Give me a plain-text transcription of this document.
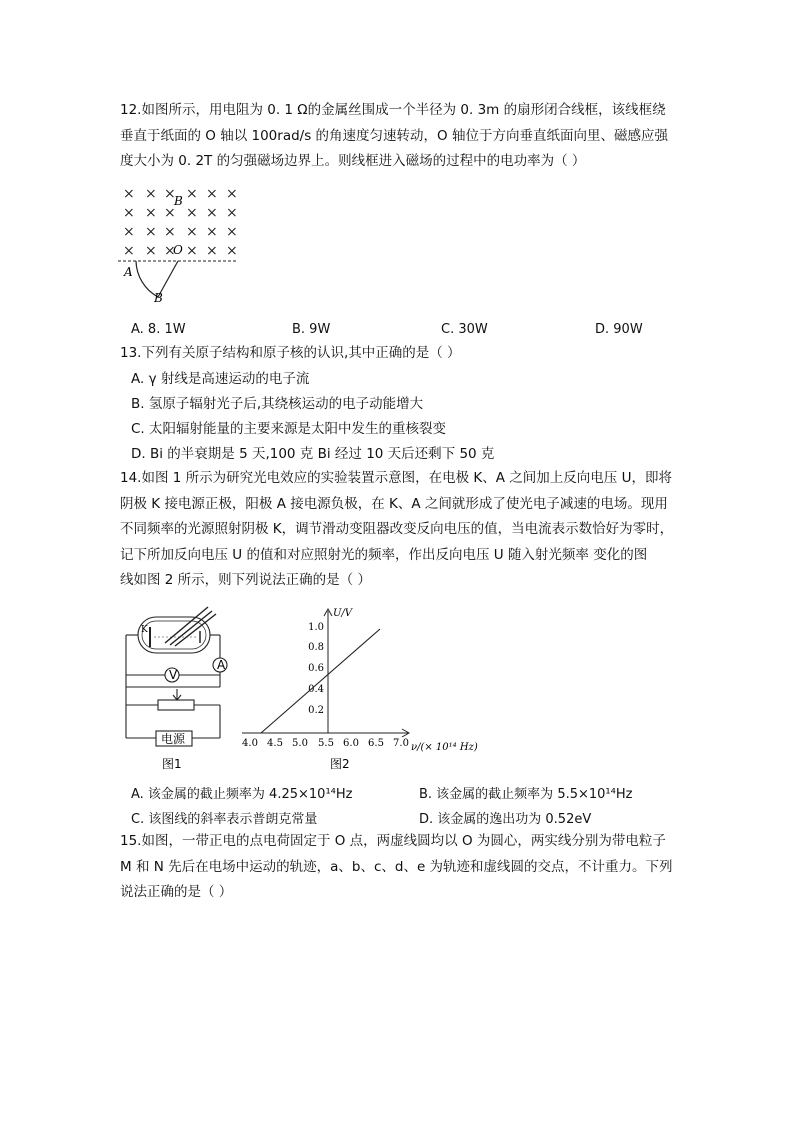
12.如图所示，用电阻为 0. 1 Ω的金属丝围成一个半径为 0. 3m 的扇形闭合线框，该线框绕
垂直于纸面的 O 轴以 100rad/s 的角速度匀速转动，O 轴位于方向垂直纸面向里、磁感应强
度大小为 0. 2T 的匀强磁场边界上。则线框进入磁场的过程中的电功率为（ ）
× × × × × ×
× × × × × ×
× × × × × ×
× × × × × ×
B
O
A
B
A. 8. 1W	B. 9W	C. 30W	D. 90W
13.下列有关原子结构和原子核的认识,其中正确的是（ ）
A. γ 射线是高速运动的电子流
B. 氢原子辐射光子后,其绕核运动的电子动能增大
C. 太阳辐射能量的主要来源是太阳中发生的重核裂变
D. Bi 的半衰期是 5 天,100 克 Bi 经过 10 天后还剩下 50 克
14.如图 1 所示为研究光电效应的实验装置示意图，在电极 K、A 之间加上反向电压 U，即将
阴极 K 接电源正极，阳极 A 接电源负极，在 K、A 之间就形成了使光电子减速的电场。现用
不同频率的光源照射阴极 K，调节滑动变阻器改变反向电压的值，当电流表示数恰好为零时，
记下所加反向电压 U 的值和对应照射光的频率，作出反向电压 U 随入射光频率 变化的图
线如图 2 所示，则下列说法正确的是（ ）
K
V
A
电源
图1
U/V
1.0
0.8
0.6
0.4
0.2
4.0 4.5 5.0 5.5 6.0 6.5 7.0 ν/(× 10¹⁴ Hz)
图2
A. 该金属的截止频率为 4.25×10¹⁴Hz	B. 该金属的截止频率为 5.5×10¹⁴Hz
C. 该图线的斜率表示普朗克常量	D. 该金属的逸出功为 0.52eV
15.如图，一带正电的点电荷固定于 O 点，两虚线圆均以 O 为圆心，两实线分别为带电粒子
M 和 N 先后在电场中运动的轨迹，a、b、c、d、e 为轨迹和虚线圆的交点，不计重力。下列
说法正确的是（ ）
